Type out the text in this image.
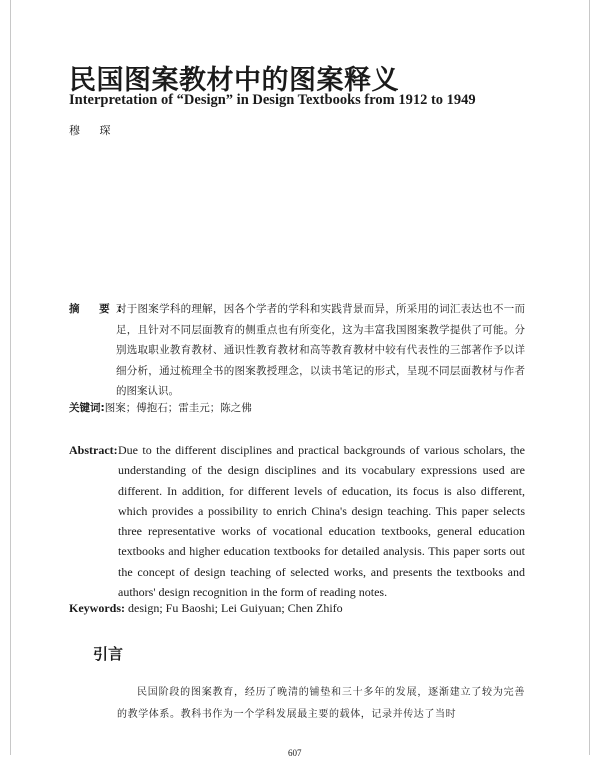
民国图案教材中的图案释义
Interpretation of “Design” in Design Textbooks from 1912 to 1949
穆 琛
摘 要:
对于图案学科的理解，因各个学者的学科和实践背景而异，所采用的词汇表达也不一而足，且针对不同层面教育的侧重点也有所变化，这为丰富我国图案教学提供了可能。分别选取职业教育教材、通识性教育教材和高等教育教材中较有代表性的三部著作予以详细分析，通过梳理全书的图案教授理念，以读书笔记的形式，呈现不同层面教材与作者的图案认识。
关键词:图案；傅抱石；雷圭元；陈之佛
Abstract: Due to the different disciplines and practical backgrounds of various scholars, the understanding of the design disciplines and its vocabulary expressions used are different. In addition, for different levels of education, its focus is also different, which provides a possibility to enrich China's design teaching. This paper selects three representative works of vocational education textbooks, general education textbooks and higher education textbooks for detailed analysis. This paper sorts out the concept of design teaching of selected works, and presents the textbooks and authors' design recognition in the form of reading notes.
Keywords: design; Fu Baoshi; Lei Guiyuan; Chen Zhifo
引言
民国阶段的图案教育，经历了晚清的铺垫和三十多年的发展，逐渐建立了较为完善的教学体系。教科书作为一个学科发展最主要的载体，记录并传达了当时
607
